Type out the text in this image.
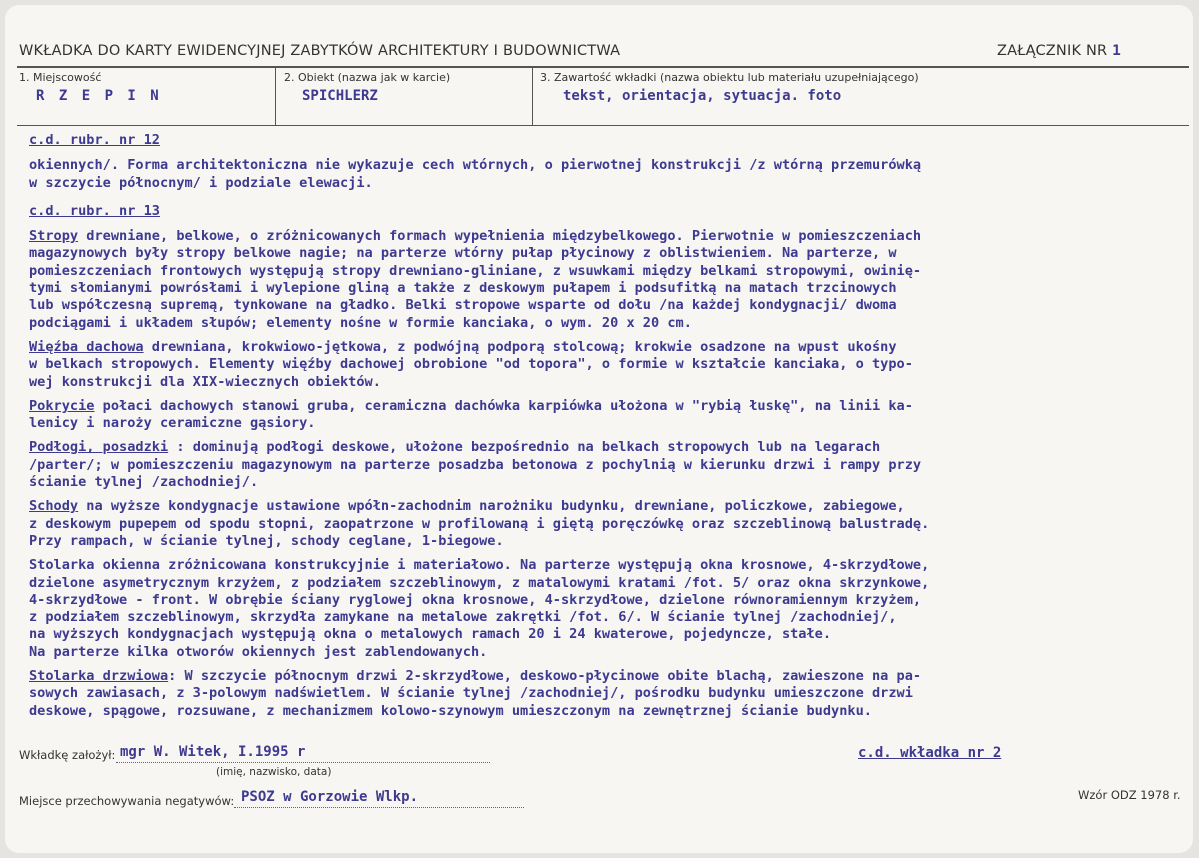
WKŁADKA DO KARTY EWIDENCYJNEJ ZABYTKÓW ARCHITEKTURY I BUDOWNICTWA	ZAŁĄCZNIK NR 1
1. Miejscowość
R Z E P I N
2. Obiekt (nazwa jak w karcie)
SPICHLERZ
3. Zawartość wkładki (nazwa obiektu lub materiału uzupełniającego)
tekst, orientacja, sytuacja. foto

c.d. rubr. nr 12

okiennych/. Forma architektoniczna nie wykazuje cech wtórnych, o pierwotnej konstrukcji /z wtórną przemurówką

w szczycie północnym/ i podziale elewacji.

c.d. rubr. nr 13

Stropy drewniane, belkowe, o zróżnicowanych formach wypełnienia międzybelkowego. Pierwotnie w pomieszczeniach

magazynowych były stropy belkowe nagie; na parterze wtórny pułap płycinowy z oblistwieniem. Na parterze, w

pomieszczeniach frontowych występują stropy drewniano-gliniane, z wsuwkami między belkami stropowymi, owinię-

tymi słomianymi powrósłami i wylepione gliną a także z deskowym pułapem i podsufitką na matach trzcinowych

lub współczesną supremą, tynkowane na gładko. Belki stropowe wsparte od dołu /na każdej kondygnacji/ dwoma

podciągami i układem słupów; elementy nośne w formie kanciaka, o wym. 20 x 20 cm.

Więźba dachowa drewniana, krokwiowo-jętkowa, z podwójną podporą stolcową; krokwie osadzone na wpust ukośny

w belkach stropowych. Elementy więźby dachowej obrobione "od topora", o formie w kształcie kanciaka, o typo-

wej konstrukcji dla XIX-wiecznych obiektów.

Pokrycie połaci dachowych stanowi gruba, ceramiczna dachówka karpiówka ułożona w "rybią łuskę", na linii ka-

lenicy i naroży ceramiczne gąsiory.

Podłogi, posadzki : dominują podłogi deskowe, ułożone bezpośrednio na belkach stropowych lub na legarach

/parter/; w pomieszczeniu magazynowym na parterze posadzba betonowa z pochylnią w kierunku drzwi i rampy przy

ścianie tylnej /zachodniej/.

Schody na wyższe kondygnacje ustawione wpółn-zachodnim narożniku budynku, drewniane, policzkowe, zabiegowe,

z deskowym pupepem od spodu stopni, zaopatrzone w profilowaną i giętą poręczówkę oraz szczeblinową balustradę.

Przy rampach, w ścianie tylnej, schody ceglane, 1-biegowe.

Stolarka okienna zróżnicowana konstrukcyjnie i materiałowo. Na parterze występują okna krosnowe, 4-skrzydłowe,

dzielone asymetrycznym krzyżem, z podziałem szczeblinowym, z matalowymi kratami /fot. 5/ oraz okna skrzynkowe,

4-skrzydłowe - front. W obrębie ściany ryglowej okna krosnowe, 4-skrzydłowe, dzielone równoramiennym krzyżem,

z podziałem szczeblinowym, skrzydła zamykane na metalowe zakrętki /fot. 6/. W ścianie tylnej /zachodniej/,

na wyższych kondygnacjach występują okna o metalowych ramach 20 i 24 kwaterowe, pojedyncze, stałe.

Na parterze kilka otworów okiennych jest zablendowanych.

Stolarka drzwiowa: W szczycie północnym drzwi 2-skrzydłowe, deskowo-płycinowe obite blachą, zawieszone na pa-

sowych zawiasach, z 3-polowym nadświetlem. W ścianie tylnej /zachodniej/, pośrodku budynku umieszczone drzwi

deskowe, spągowe, rozsuwane, z mechanizmem kolowo-szynowym umieszczonym na zewnętrznej ścianie budynku.

Wkładkę założył: mgr W. Witek, I.1995 r
(imię, nazwisko, data)
c.d. wkładka nr 2
Miejsce przechowywania negatywów: PSOZ w Gorzowie Wlkp.	Wzór ODZ 1978 r.
